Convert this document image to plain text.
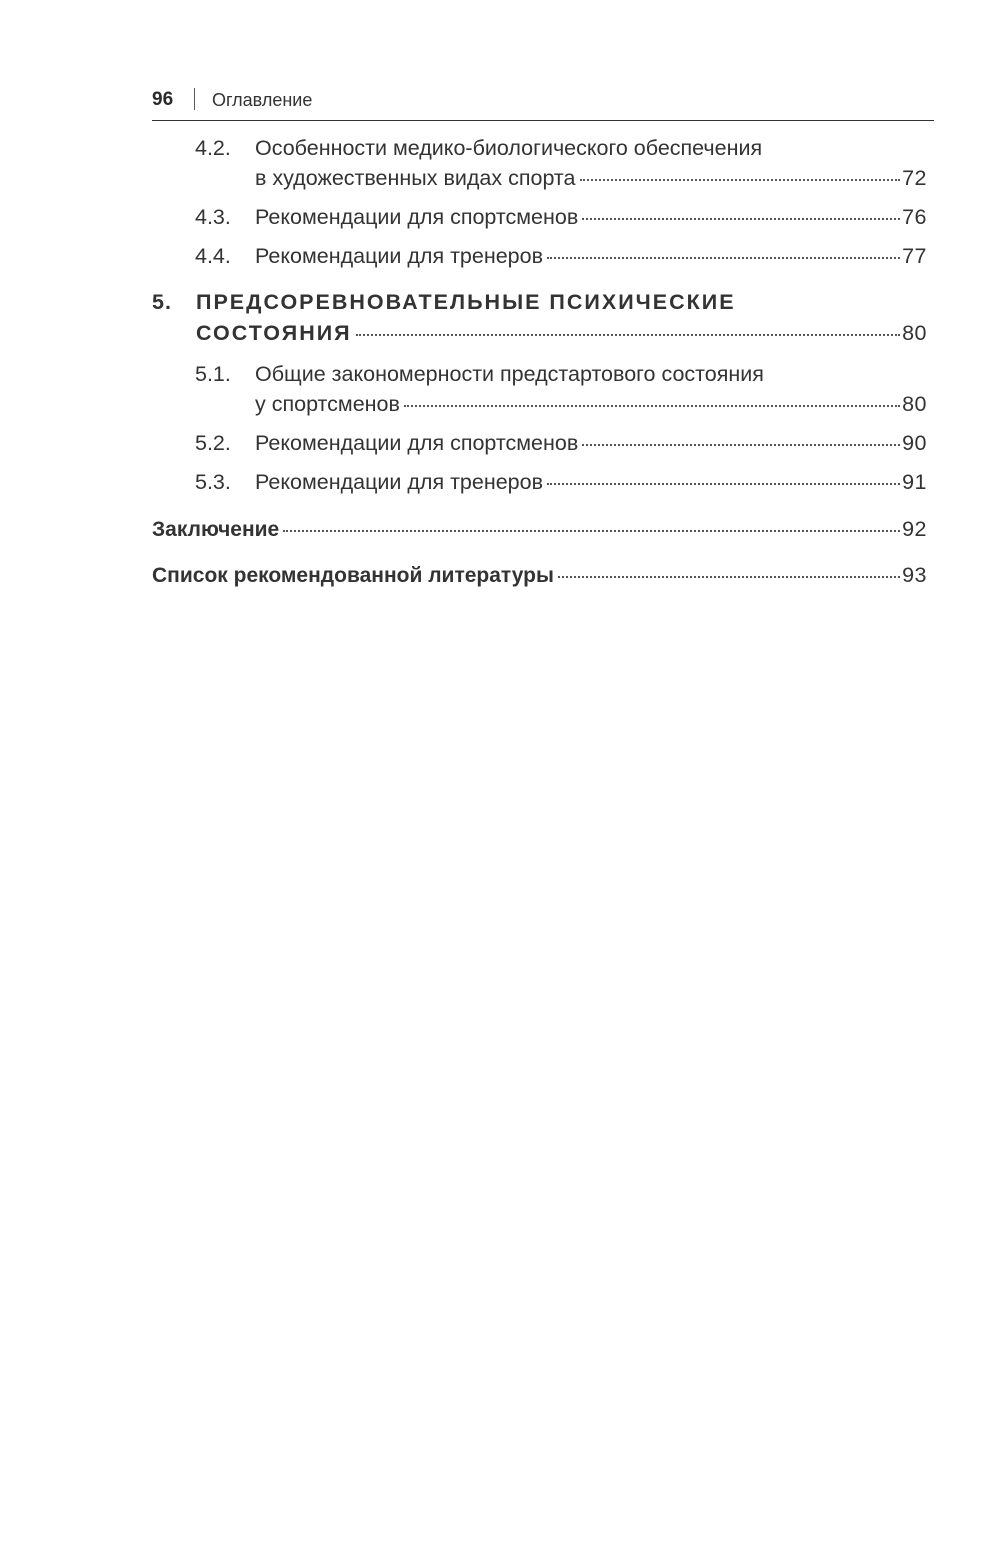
96 Оглавление
4.2. Особенности медико-биологического обеспечения
в художественных видах спорта	72
4.3. Рекомендации для спортсменов	76
4.4. Рекомендации для тренеров	77
5. ПРЕДСОРЕВНОВАТЕЛЬНЫЕ ПСИХИЧЕСКИЕ
СОСТОЯНИЯ	80
5.1. Общие закономерности предстартового состояния
у спортсменов	80
5.2. Рекомендации для спортсменов	90
5.3. Рекомендации для тренеров	91
Заключение	92
Список рекомендованной литературы	93
